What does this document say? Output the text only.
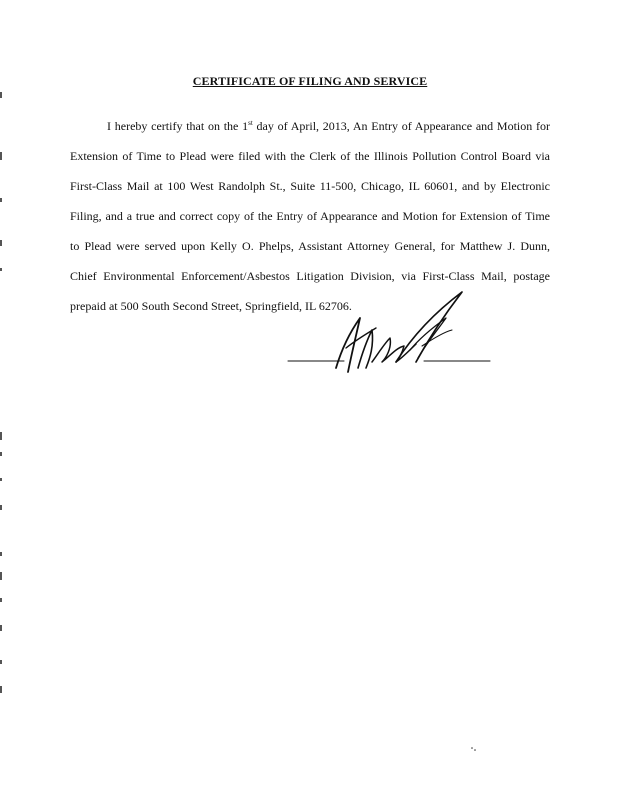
CERTIFICATE OF FILING AND SERVICE
I hereby certify that on the 1st day of April, 2013, An Entry of Appearance and Motion for
Extension of Time to Plead were filed with the Clerk of the Illinois Pollution Control Board via
First-Class Mail at 100 West Randolph St., Suite 11-500, Chicago, IL 60601, and by Electronic
Filing, and a true and correct copy of the Entry of Appearance and Motion for Extension of Time
to Plead were served upon Kelly O. Phelps, Assistant Attorney General, for Matthew J. Dunn,
Chief Environmental Enforcement/Asbestos Litigation Division, via First-Class Mail, postage
prepaid at 500 South Second Street, Springfield, IL 62706.
